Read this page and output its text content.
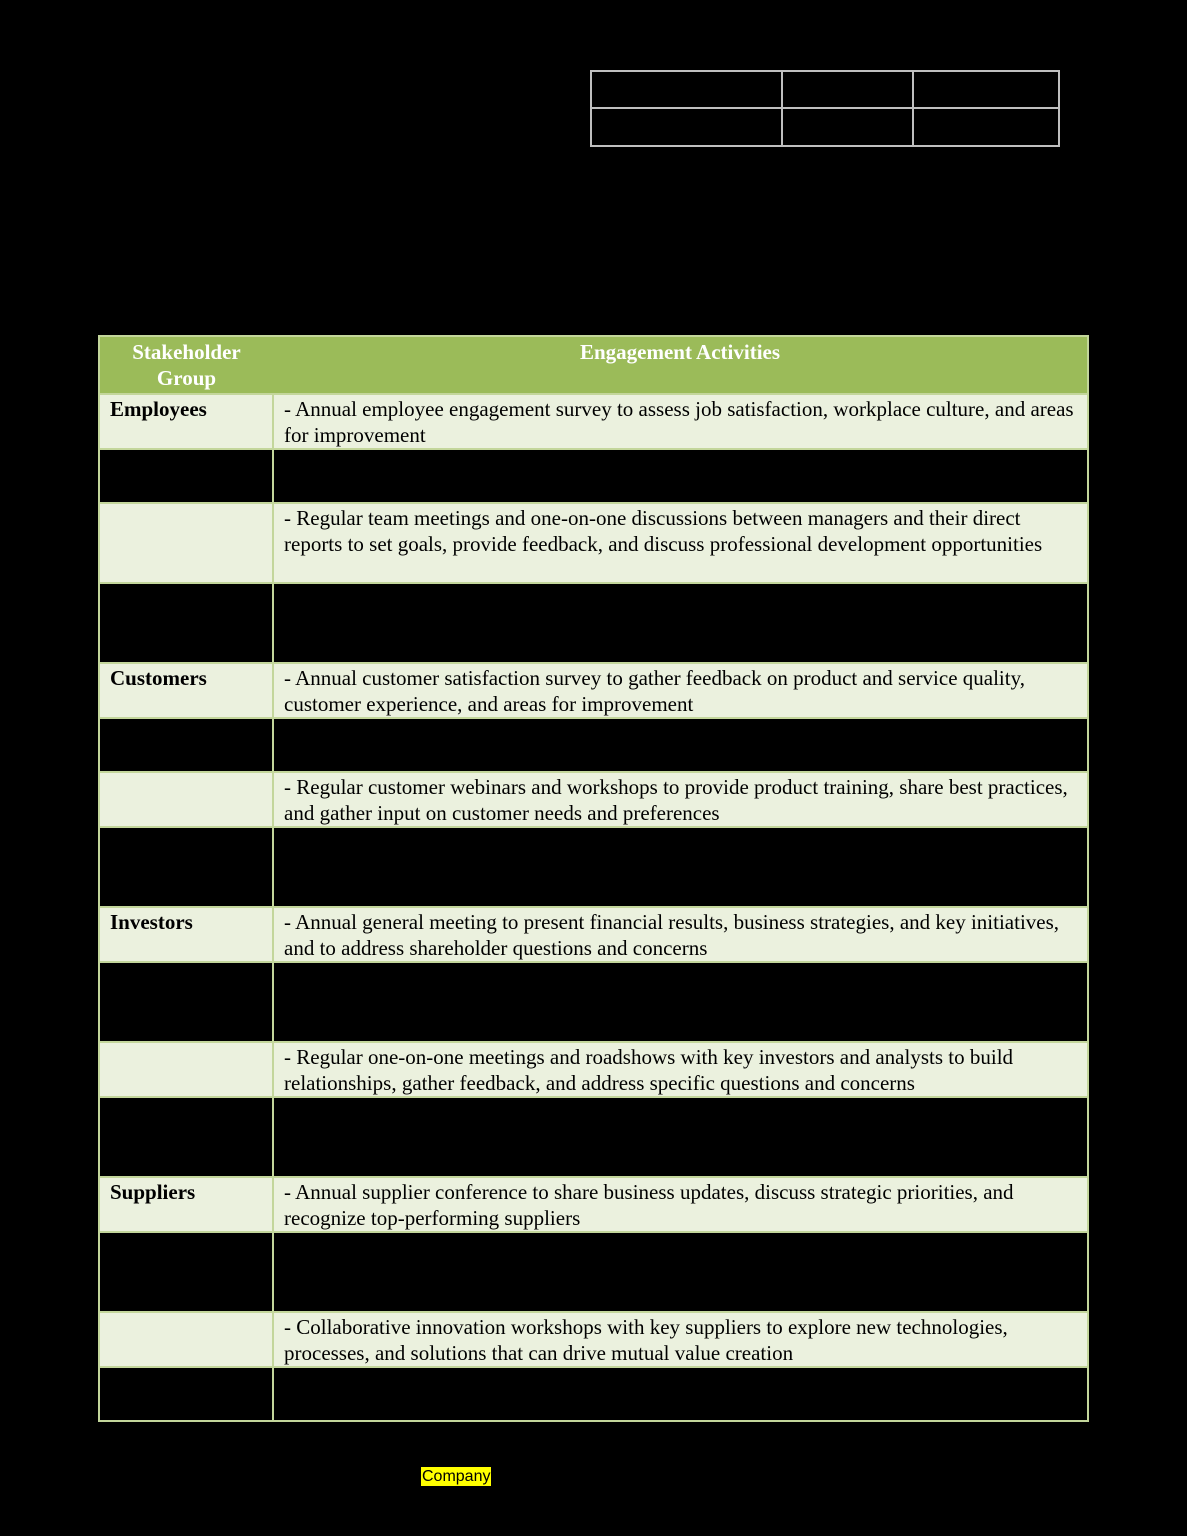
Stakeholder
Group	Engagement Activities
Employees	- Annual employee engagement survey to assess job satisfaction, workplace culture, and areas for improvement

	- Regular team meetings and one-on-one discussions between managers and their direct reports to set goals, provide feedback, and discuss professional development opportunities

Customers	- Annual customer satisfaction survey to gather feedback on product and service quality, customer experience, and areas for improvement

	- Regular customer webinars and workshops to provide product training, share best practices, and gather input on customer needs and preferences

Investors	- Annual general meeting to present financial results, business strategies, and key initiatives, and to address shareholder questions and concerns

	- Regular one-on-one meetings and roadshows with key investors and analysts to build relationships, gather feedback, and address specific questions and concerns

Suppliers	- Annual supplier conference to share business updates, discuss strategic priorities, and recognize top-performing suppliers

	- Collaborative innovation workshops with key suppliers to explore new technologies, processes, and solutions that can drive mutual value creation

Company
